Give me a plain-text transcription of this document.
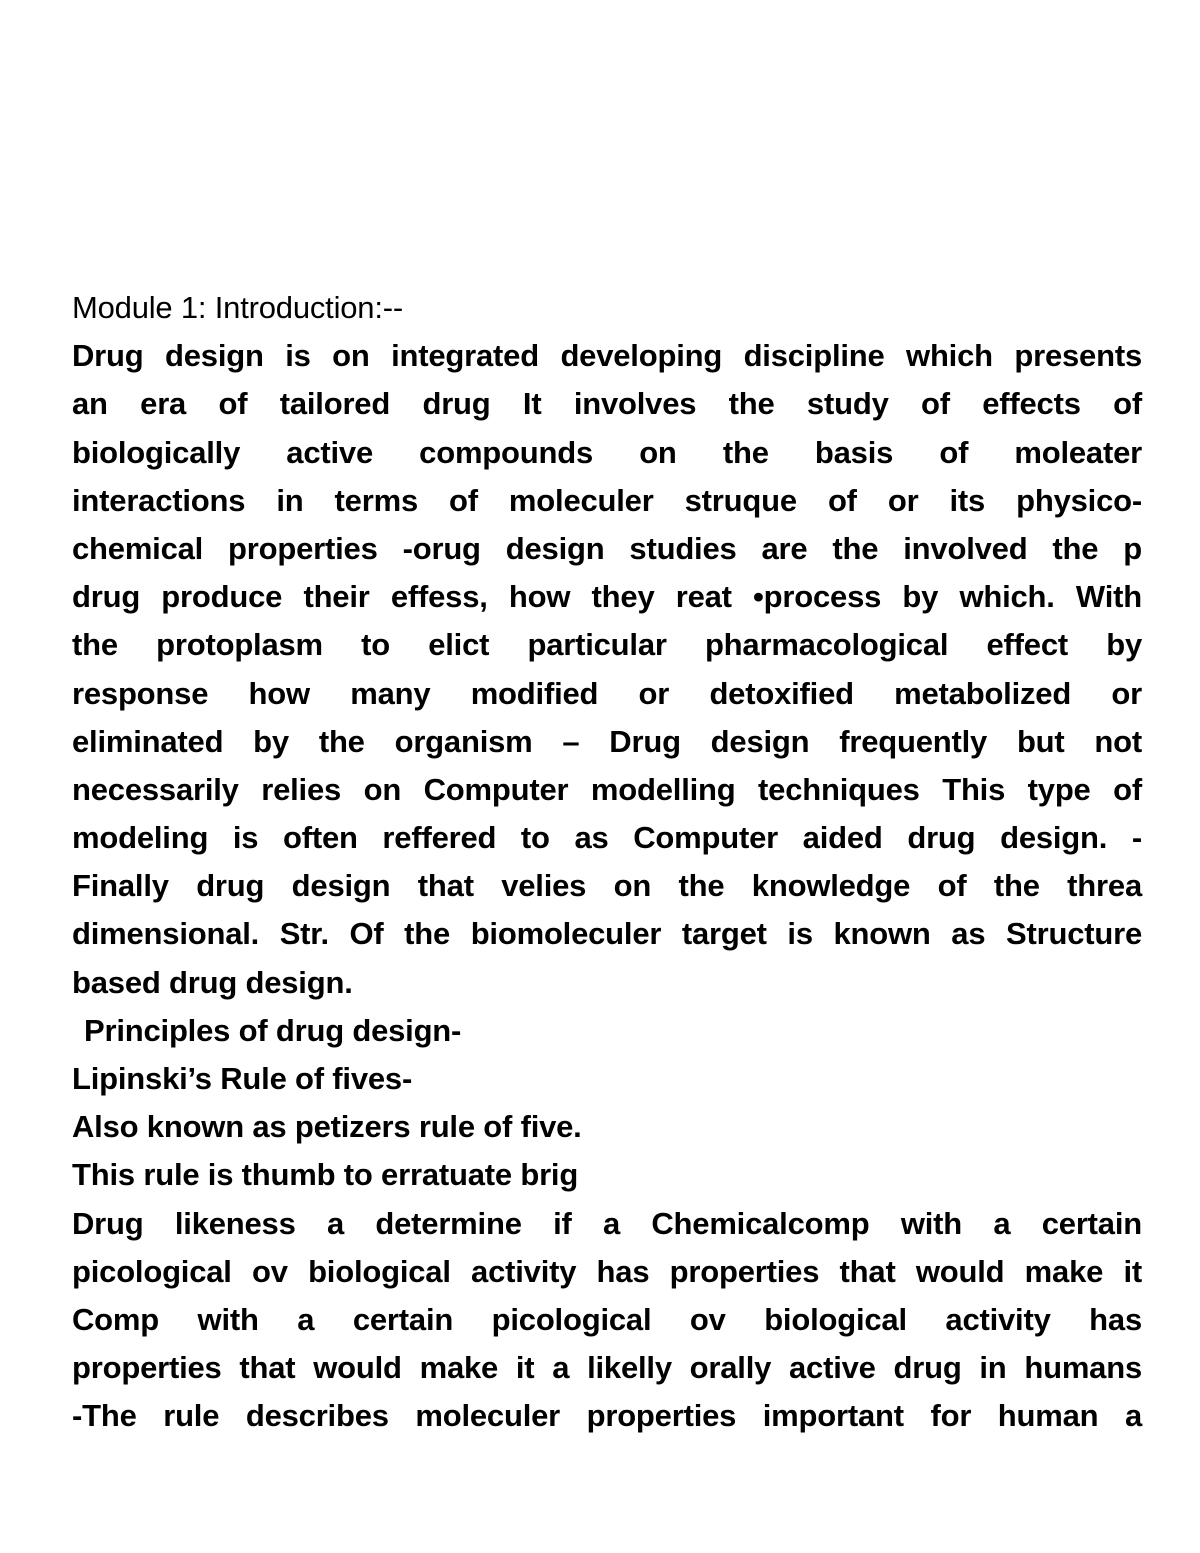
Module 1: Introduction:--
Drug design is on integrated developing discipline which presents
an era of tailored drug It involves the study of effects of
biologically active compounds on the basis of moleater
interactions in terms of moleculer struque of or its physico-
chemical properties -orug design studies are the involved the p
drug produce their effess, how they reat •process by which. With
the protoplasm to elict particular pharmacological effect by
response how many modified or detoxified metabolized or
eliminated by the organism – Drug design frequently but not
necessarily relies on Computer modelling techniques This type of
modeling is often reffered to as Computer aided drug design. -
Finally drug design that velies on the knowledge of the threa
dimensional. Str. Of the biomoleculer target is known as Structure
based drug design.
Principles of drug design-
Lipinski’s Rule of fives-
Also known as petizers rule of five.
This rule is thumb to erratuate brig
Drug likeness a determine if a Chemicalcomp with a certain
picological ov biological activity has properties that would make it
Comp with a certain picological ov biological activity has
properties that would make it a likelly orally active drug in humans
-The rule describes moleculer properties important for human a
